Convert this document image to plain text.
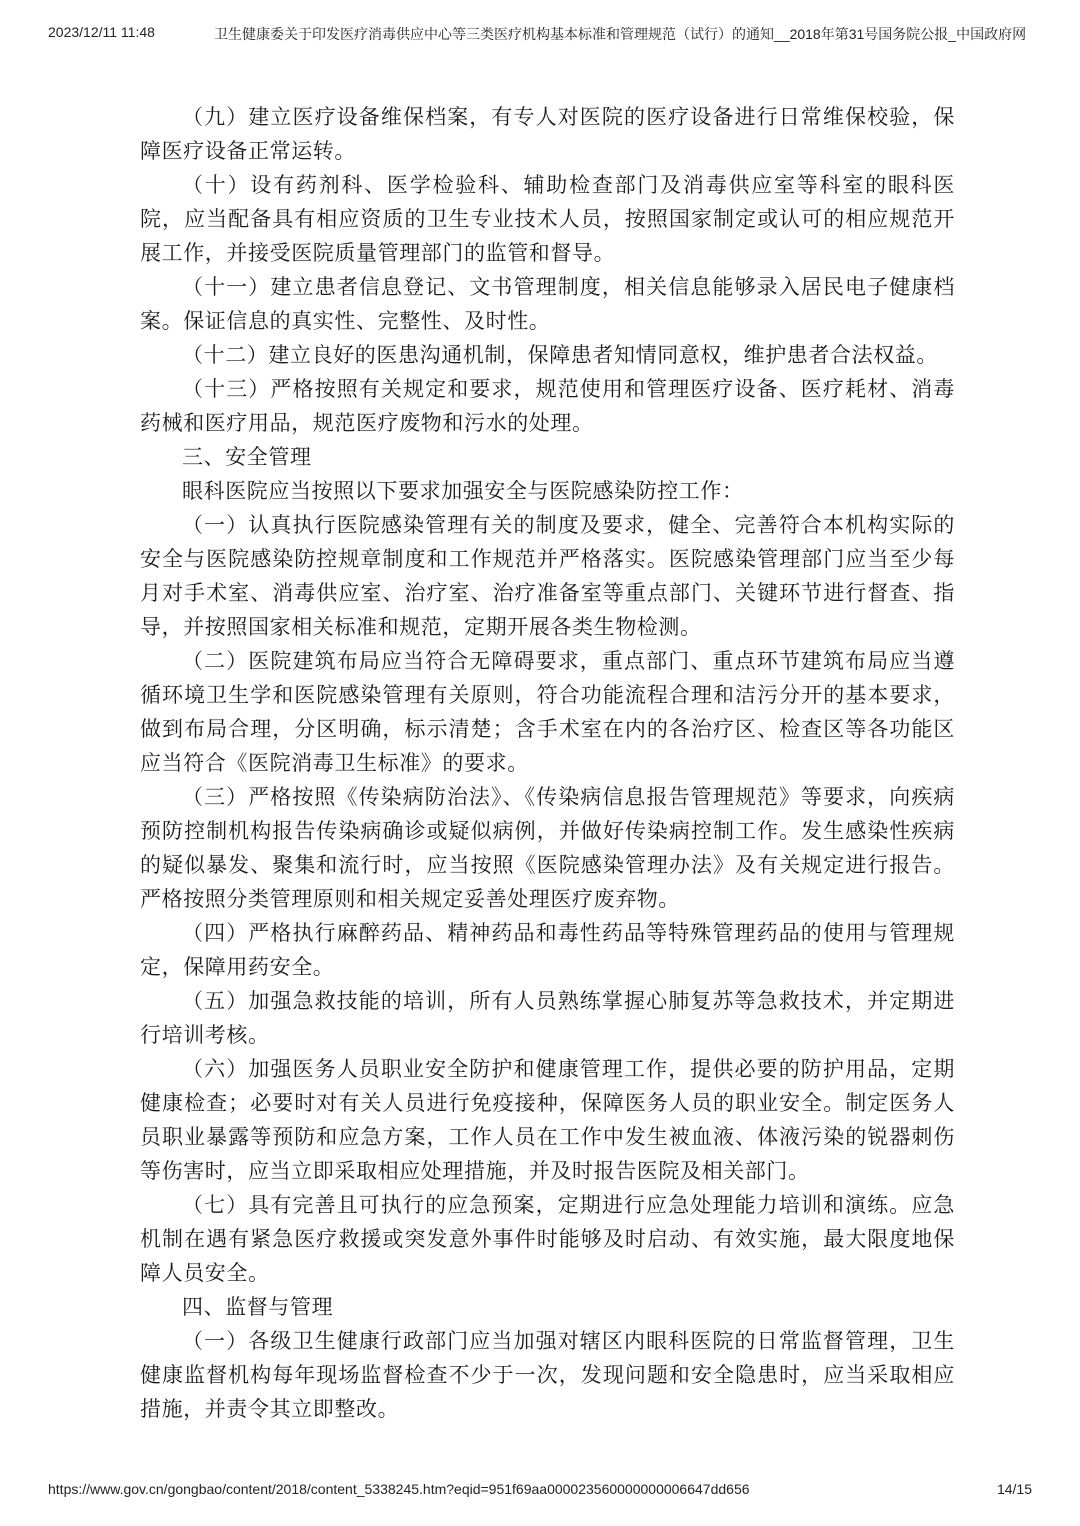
2023/12/11 11:48	卫生健康委关于印发医疗消毒供应中心等三类医疗机构基本标准和管理规范（试行）的通知__2018年第31号国务院公报_中国政府网

（九）建立医疗设备维保档案，有专人对医院的医疗设备进行日常维保校验，保障医疗设备正常运转。

（十）设有药剂科、医学检验科、辅助检查部门及消毒供应室等科室的眼科医院，应当配备具有相应资质的卫生专业技术人员，按照国家制定或认可的相应规范开展工作，并接受医院质量管理部门的监管和督导。

（十一）建立患者信息登记、文书管理制度，相关信息能够录入居民电子健康档案。保证信息的真实性、完整性、及时性。

（十二）建立良好的医患沟通机制，保障患者知情同意权，维护患者合法权益。

（十三）严格按照有关规定和要求，规范使用和管理医疗设备、医疗耗材、消毒药械和医疗用品，规范医疗废物和污水的处理。

三、安全管理

眼科医院应当按照以下要求加强安全与医院感染防控工作：

（一）认真执行医院感染管理有关的制度及要求，健全、完善符合本机构实际的安全与医院感染防控规章制度和工作规范并严格落实。医院感染管理部门应当至少每月对手术室、消毒供应室、治疗室、治疗准备室等重点部门、关键环节进行督查、指导，并按照国家相关标准和规范，定期开展各类生物检测。

（二）医院建筑布局应当符合无障碍要求，重点部门、重点环节建筑布局应当遵循环境卫生学和医院感染管理有关原则，符合功能流程合理和洁污分开的基本要求，做到布局合理，分区明确，标示清楚；含手术室在内的各治疗区、检查区等各功能区应当符合《医院消毒卫生标准》的要求。

（三）严格按照《传染病防治法》、《传染病信息报告管理规范》等要求，向疾病预防控制机构报告传染病确诊或疑似病例，并做好传染病控制工作。发生感染性疾病的疑似暴发、聚集和流行时，应当按照《医院感染管理办法》及有关规定进行报告。严格按照分类管理原则和相关规定妥善处理医疗废弃物。

（四）严格执行麻醉药品、精神药品和毒性药品等特殊管理药品的使用与管理规定，保障用药安全。

（五）加强急救技能的培训，所有人员熟练掌握心肺复苏等急救技术，并定期进行培训考核。

（六）加强医务人员职业安全防护和健康管理工作，提供必要的防护用品，定期健康检查；必要时对有关人员进行免疫接种，保障医务人员的职业安全。制定医务人员职业暴露等预防和应急方案，工作人员在工作中发生被血液、体液污染的锐器刺伤等伤害时，应当立即采取相应处理措施，并及时报告医院及相关部门。

（七）具有完善且可执行的应急预案，定期进行应急处理能力培训和演练。应急机制在遇有紧急医疗救援或突发意外事件时能够及时启动、有效实施，最大限度地保障人员安全。

四、监督与管理

（一）各级卫生健康行政部门应当加强对辖区内眼科医院的日常监督管理，卫生健康监督机构每年现场监督检查不少于一次，发现问题和安全隐患时，应当采取相应措施，并责令其立即整改。

https://www.gov.cn/gongbao/content/2018/content_5338245.htm?eqid=951f69aa000023560000000006647dd656	14/15
